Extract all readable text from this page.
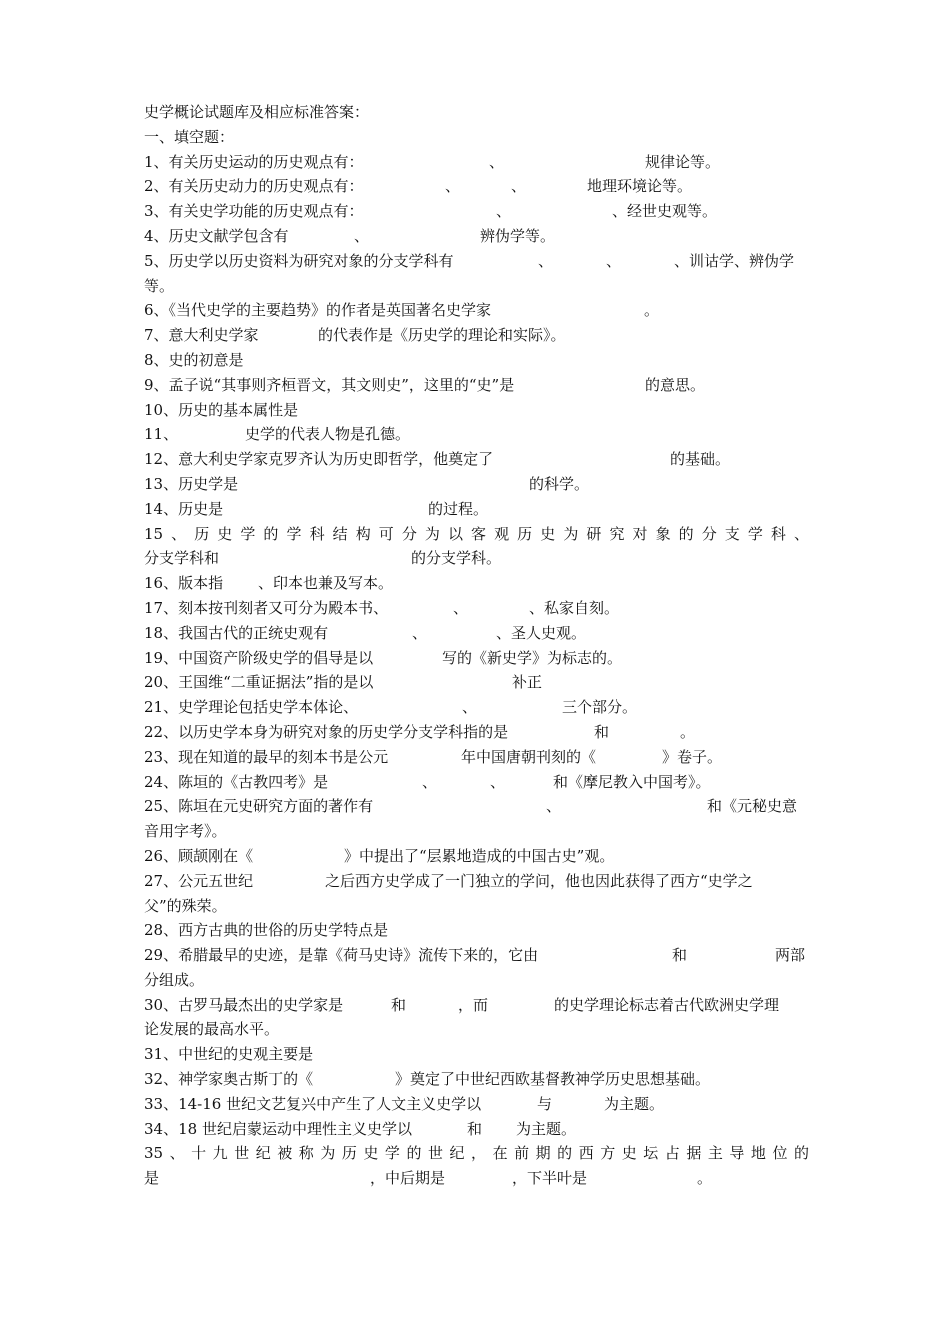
史学概论试题库及相应标准答案：
一、填空题：
1、有关历史运动的历史观点有：	、	规律论等。
2、有关历史动力的历史观点有：	、	、	地理环境论等。
3、有关史学功能的历史观点有：	、	、经世史观等。
4、历史文献学包含有	、	辨伪学等。
5、历史学以历史资料为研究对象的分支学科有	、	、	、训诂学、辨伪学
等。
6、《当代史学的主要趋势》的作者是英国著名史学家	。
7、意大利史学家	的代表作是《历史学的理论和实际》。
8、史的初意是
9、孟子说“其事则齐桓晋文，其文则史”，这里的“史”是	的意思。
10、历史的基本属性是
11、	史学的代表人物是孔德。
12、意大利史学家克罗齐认为历史即哲学，他奠定了	的基础。
13、历史学是	的科学。
14、历史是	的过程。
15、历史学的学科结构可分为以客观历史为研究对象的分支学科、
分支学科和	的分支学科。
16、版本指 、印本也兼及写本。
17、刻本按刊刻者又可分为殿本书、	、	、私家自刻。
18、我国古代的正统史观有	、	、圣人史观。
19、中国资产阶级史学的倡导是以	写的《新史学》为标志的。
20、王国维“二重证据法”指的是以	补正
21、史学理论包括史学本体论、	、	三个部分。
22、以历史学本身为研究对象的历史学分支学科指的是	和	。
23、现在知道的最早的刻本书是公元	年中国唐朝刊刻的《	》卷子。
24、陈垣的《古教四考》是	、	、	和《摩尼教入中国考》。
25、陈垣在元史研究方面的著作有	、	和《元秘史意
音用字考》。
26、顾颉刚在《	》中提出了“层累地造成的中国古史”观。
27、公元五世纪	之后西方史学成了一门独立的学问，他也因此获得了西方“史学之
父”的殊荣。
28、西方古典的世俗的历史学特点是
29、希腊最早的史迹，是靠《荷马史诗》流传下来的，它由	和	两部
分组成。
30、古罗马最杰出的史学家是	和	，而	的史学理论标志着古代欧洲史学理
论发展的最高水平。
31、中世纪的史观主要是
32、神学家奥古斯丁的《	》奠定了中世纪西欧基督教神学历史思想基础。
33、14-16 世纪文艺复兴中产生了人文主义史学以	与	为主题。
34、18 世纪启蒙运动中理性主义史学以	和 为主题。
35、十九世纪被称为历史学的世纪，在前期的西方史坛占据主导地位的
是	，中后期是	，下半叶是	。
